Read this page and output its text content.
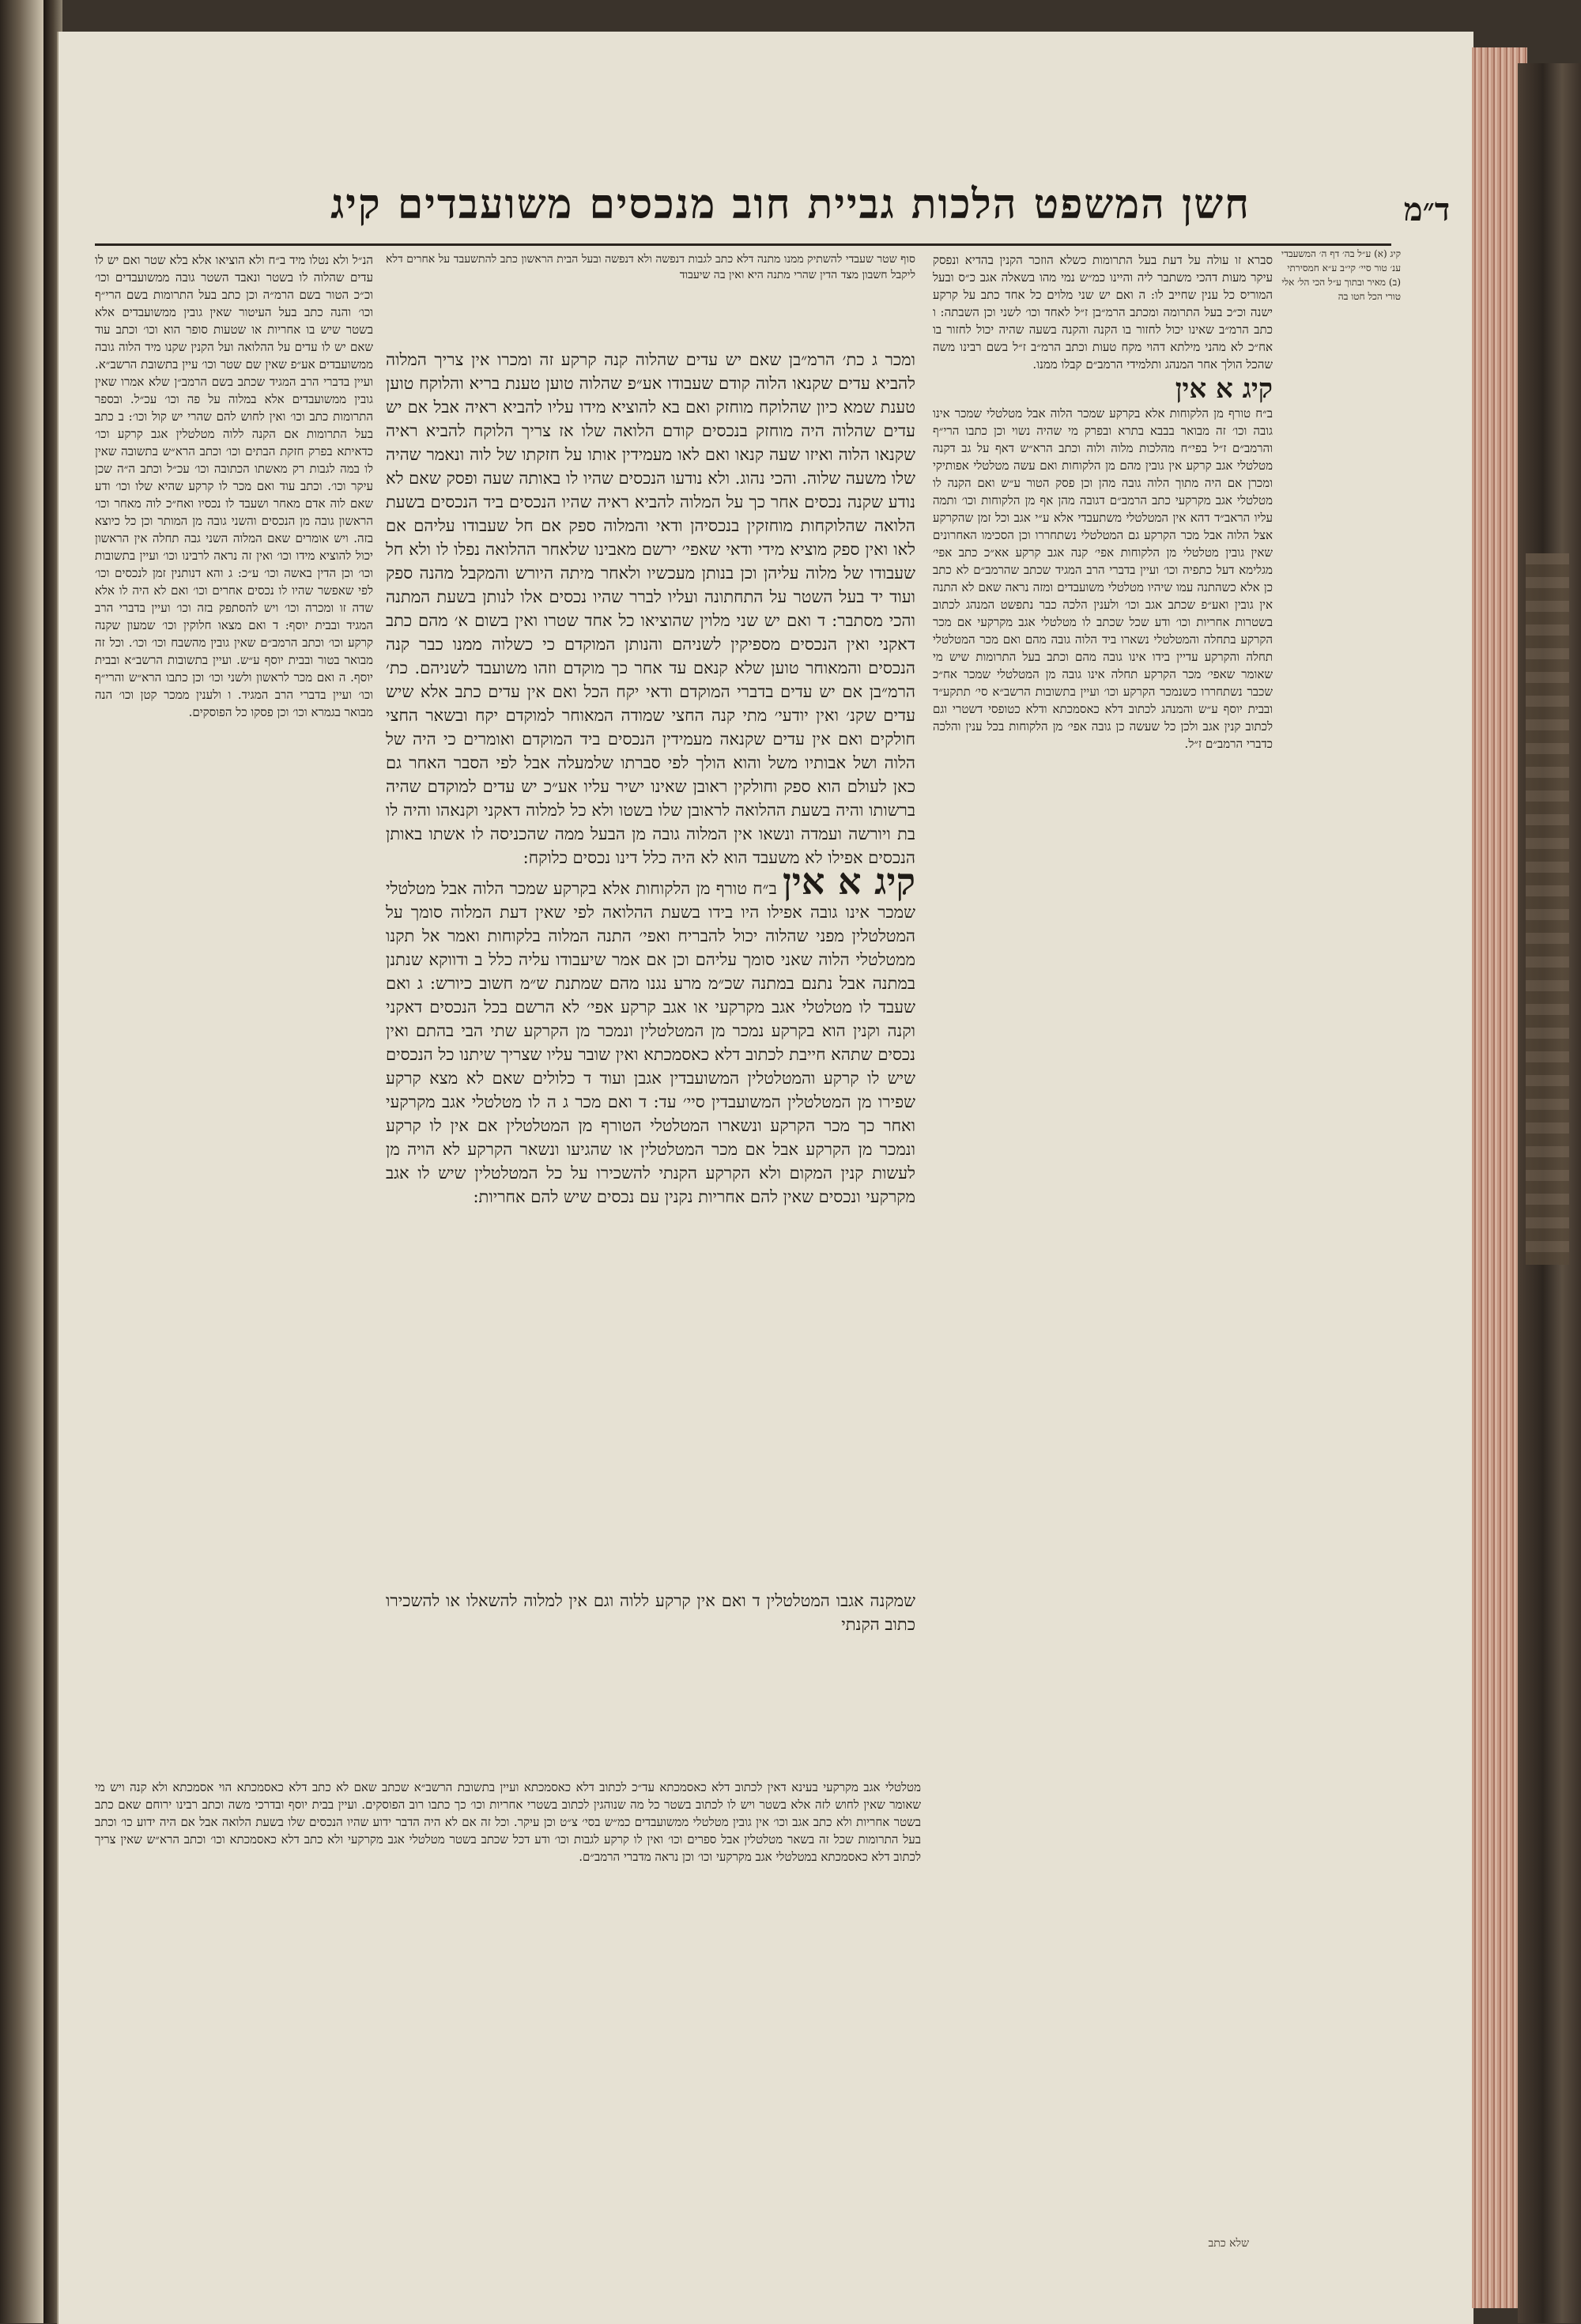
חשן המשפט הלכות גביית חוב מנכסים משועבדים קיג	ד״מ
קיג (א) ע״ל בה׳ דף ה׳ המשעבדי ענ׳ טור סיי׳ קי״ב ע״א חמסירתי (ב) מאיר ובתוך ע״ל הכי הל׳ אלי טורי הכל חטו בה

סברא זו עולה על דעת בעל התרומות כשלא הוזכר הקנין בהדיא ונפסק עיקר מעות דהכי משתבר ליה והיינו כמ״ש נמי מהו בשאלה אגב כ״ס ובעל המוריס כל ענין שחייב לו: ה ואם יש שני מלוים כל אחד כתב על קרקע ישנה וכ״כ בעל התרומה ומכתב הרמ״בן ז״ל לאחד וכו׳ לשני וכן השבתה: ו כתב הרמ״ב שאינו יכול לחזור בו הקנה והקנה בשעה שהיה יכול לחזור בו אח״כ לא מהני מילתא דהוי מקח טעות וכתב הרמ״ב ז״ל בשם רבינו משה שהכל הולך אחר המנהג ותלמידי הרמב״ם קבלו ממנו.

קיג א אין

ב״ח טורף מן הלקוחות אלא בקרקע שמכר הלוה אבל מטלטלי שמכר אינו גובה וכו׳ זה מבואר בבבא בתרא ובפרק מי שהיה נשוי וכן כתבו הרי״ף והרמב״ם ז״ל בפי״ח מהלכות מלוה ולוה וכתב הרא״ש דאף על גב דקנה מטלטלי אגב קרקע אין גובין מהם מן הלקוחות ואם עשה מטלטלי אפותיקי ומכרן אם היה מתוך הלוה גובה מהן וכן פסק הטור ע״ש ואם הקנה לו מטלטלי אגב מקרקעי כתב הרמב״ם דגובה מהן אף מן הלקוחות וכו׳ ותמה עליו הראב״ד דהא אין המטלטלי משתעבדי אלא ע״י אגב וכל זמן שהקרקע אצל הלוה אבל מכר הקרקע גם המטלטלי נשתחררו וכן הסכימו האחרונים שאין גובין מטלטלי מן הלקוחות אפי׳ קנה אגב קרקע אא״כ כתב אפי׳ מגלימא דעל כתפיה וכו׳ ועיין בדברי הרב המגיד שכתב שהרמב״ם לא כתב כן אלא כשהתנה עמו שיהיו מטלטלי משועבדים ומזה נראה שאם לא התנה אין גובין ואע״פ שכתב אגב וכו׳ ולענין הלכה כבר נתפשט המנהג לכתוב בשטרות אחריות וכו׳ ודע שכל שכתב לו מטלטלי אגב מקרקעי אם מכר הקרקע בתחלה והמטלטלי נשארו ביד הלוה גובה מהם ואם מכר המטלטלי תחלה והקרקע עדיין בידו אינו גובה מהם וכתב בעל התרומות שיש מי שאומר שאפי׳ מכר הקרקע תחלה אינו גובה מן המטלטלי שמכר אח״כ שכבר נשתחררו כשנמכר הקרקע וכו׳ ועיין בתשובות הרשב״א סי׳ תתקע״ד ובבית יוסף ע״ש והמנהג לכתוב דלא כאסמכתא ודלא כטופסי דשטרי וגם לכתוב קנין אגב ולכן כל שעשה כן גובה אפי׳ מן הלקוחות בכל ענין והלכה כדברי הרמב״ם ז״ל.

סוף שטר שעבדי להשתיק ממנו מתנה דלא כתב לגבות דנפשה ולא דנפשה ובעל הבית הראשון כתב להתשעבד על אחרים דלא ליקבל חשבון מצד הדין שהרי מתנה היא ואין בה שיעבוד

ומכר ג כת׳ הרמ״בן שאם יש עדים שהלוה קנה קרקע זה ומכרו אין צריך המלוה להביא עדים שקנאו הלוה קודם שעבודו אע״פ שהלוה טוען טענת בריא והלוקח טוען טענת שמא כיון שהלוקח מוחזק ואם בא להוציא מידו עליו להביא ראיה אבל אם יש עדים שהלוה היה מוחזק בנכסים קודם הלואה שלו אז צריך הלוקח להביא ראיה שקנאו הלוה ואיזו שעה קנאו ואם לאו מעמידין אותו על חזקתו של לוה ונאמר שהיה שלו משעה שלוה. והכי נהוג. ולא נודעו הנכסים שהיו לו באותה שעה ופסק שאם לא נודע שקנה נכסים אחר כך על המלוה להביא ראיה שהיו הנכסים ביד הנכסים בשעת הלואה שהלוקחות מוחזקין בנכסיהן ודאי והמלוה ספק אם חל שעבודו עליהם אם לאו ואין ספק מוציא מידי ודאי שאפי׳ ירשם מאבינו שלאחר ההלואה נפלו לו ולא חל שעבודו של מלוה עליהן וכן בנותן מעכשיו ולאחר מיתה היורש והמקבל מהנה ספק ועוד יד בעל השטר על התחתונה ועליו לברר שהיו נכסים אלו לנותן בשעת המתנה והכי מסתבר: ד ואם יש שני מלוין שהוציאו כל אחד שטרו ואין בשום א׳ מהם כתב דאקני ואין הנכסים מספיקין לשניהם והנותן המוקדם כי כשלוה ממנו כבר קנה הנכסים והמאוחר טוען שלא קנאם עד אחר כך מוקדם וזהו משועבד לשניהם. כת׳ הרמ״בן אם יש עדים בדברי המוקדם ודאי יקח הכל ואם אין עדים כתב אלא שיש עדים שקנ׳ ואין יודעי׳ מתי קנה החצי שמודה המאוחר למוקדם יקח ובשאר החצי חולקים ואם אין עדים שקנאה מעמידין הנכסים ביד המוקדם ואומרים כי היה של הלוה ושל אבותיו משל והוא הולך לפי סברתו שלמעלה אבל לפי הסבר האחר גם כאן לעולם הוא ספק וחולקין ראובן שאינו ישיר עליו אע״כ יש עדים למוקדם שהיה ברשותו והיה בשעת ההלואה לראובן שלו בשטו ולא כל למלוה דאקני וקנאהו והיה לו בת ויורשה ועמדה ונשאו אין המלוה גובה מן הבעל ממה שהכניסה לו אשתו באותן הנכסים אפילו לא משעבד הוא לא היה כלל דינו נכסים כלוקח:

קיג א אין ב״ח טורף מן הלקוחות אלא בקרקע שמכר הלוה אבל מטלטלי שמכר אינו גובה אפילו היו בידו בשעת ההלואה לפי שאין דעת המלוה סומך על המטלטלין מפני שהלוה יכול להבריח ואפי׳ התנה המלוה בלקוחות ואמר אל תקנו ממטלטלי הלוה שאני סומך עליהם וכן אם אמר שיעבודו עליה כלל ב ודווקא שנתנן במתנה אבל נתנם במתנה שכ״מ מרע נגנו מהם שמתנת ש״מ חשוב כיורש: ג ואם שעבד לו מטלטלי אגב מקרקעי או אגב קרקע אפי׳ לא הרשם בכל הנכסים דאקני וקנה וקנין הוא בקרקע נמכר מן המטלטלין ונמכר מן הקרקע שתי הבי בהתם ואין נכסים שתהא חייבת לכתוב דלא כאסמכתא ואין שובר עליו שצריך שיתנו כל הנכסים שיש לו קרקע והמטלטלין המשועבדין אגבן ועוד ד כלולים שאם לא מצא קרקע שפירו מן המטלטלין המשועבדין סיי׳ עד: ד ואם מכר ג ה לו מטלטלי אגב מקרקעי ואחר כך מכר הקרקע ונשארו המטלטלי הטורף מן המטלטלין אם אין לו קרקע ונמכר מן הקרקע אבל אם מכר המטלטלין או שהגיעו ונשאר הקרקע לא הויה מן לעשות קנין המקום ולא הקרקע הקנתי להשכירו על כל המטלטלין שיש לו אגב מקרקעי ונכסים שאין להם אחריות נקנין עם נכסים שיש להם אחריות:

שמקנה אגבו המטלטלין ד ואם אין קרקע ללוה וגם אין למלוה להשאלו או להשכירו כתוב הקנתי

הנ״ל ולא נטלו מיד ב״ח ולא הוציאו אלא בלא שטר ואם יש לו עדים שהלוה לו בשטר ונאבד השטר גובה ממשועבדים וכו׳ וכ״כ הטור בשם הרמ״ה וכן כתב בעל התרומות בשם הרי״ף וכו׳ והנה כתב בעל העיטור שאין גובין ממשועבדים אלא בשטר שיש בו אחריות או שטעות סופר הוא וכו׳ וכתב עוד שאם יש לו עדים על ההלואה ועל הקנין שקנו מיד הלוה גובה ממשועבדים אע״פ שאין שם שטר וכו׳ עיין בתשובת הרשב״א. ועיין בדברי הרב המגיד שכתב בשם הרמב״ן שלא אמרו שאין גובין ממשועבדים אלא במלוה על פה וכו׳ עכ״ל. ובספר התרומות כתב וכו׳ ואין לחוש להם שהרי יש קול וכו׳: ב כתב בעל התרומות אם הקנה ללוה מטלטלין אגב קרקע וכו׳ כדאיתא בפרק חזקת הבתים וכו׳ וכתב הרא״ש בתשובה שאין לו במה לגבות רק מאשתו הכתובה וכו׳ עכ״ל וכתב ה״ה שכן עיקר וכו׳. וכתב עוד ואם מכר לו קרקע שהיא שלו וכו׳ ודע שאם לוה אדם מאחר ושעבד לו נכסיו ואח״כ לוה מאחר וכו׳ הראשון גובה מן הנכסים והשני גובה מן המותר וכן כל כיוצא בזה. ויש אומרים שאם המלוה השני גבה תחלה אין הראשון יכול להוציא מידו וכו׳ ואין זה נראה לרבינו וכו׳ ועיין בתשובות וכו׳ וכן הדין באשה וכו׳ ע״כ: ג והא דנותנין זמן לנכסים וכו׳ לפי שאפשר שהיו לו נכסים אחרים וכו׳ ואם לא היה לו אלא שדה זו ומכרה וכו׳ ויש להסתפק בזה וכו׳ ועיין בדברי הרב המגיד ובבית יוסף: ד ואם מצאו חלוקין וכו׳ שמעון שקנה קרקע וכו׳ וכתב הרמב״ם שאין גובין מהשבח וכו׳ וכו׳. וכל זה מבואר בטור ובבית יוסף ע״ש. ועיין בתשובות הרשב״א ובבית יוסף. ה ואם מכר לראשון ולשני וכו׳ וכן כתבו הרא״ש והרי״ף וכו׳ ועיין בדברי הרב המגיד. ו ולענין ממכר קטן וכו׳ הנה מבואר בגמרא וכו׳ וכן פסקו כל הפוסקים.

מטלטלי אגב מקרקעי בעינא דאין לכתוב דלא כאסמכתא עד״כ לכתוב דלא כאסמכתא ועיין בתשובת הרשב״א שכתב שאם לא כתב דלא כאסמכתא הוי אסמכתא ולא קנה ויש מי שאומר שאין לחוש לזה אלא בשטר ויש לו לכתוב בשטר כל מה שנוהגין לכתוב בשטרי אחריות וכו׳ כך כתבו רוב הפוסקים. ועיין בבית יוסף ובדרכי משה וכתב רבינו ירוחם שאם כתב בשטר אחריות ולא כתב אגב וכו׳ אין גובין מטלטלי ממשועבדים כמ״ש בסי׳ צ״ט וכן עיקר. וכל זה אם לא היה הדבר ידוע שהיו הנכסים שלו בשעת הלואה אבל אם היה ידוע כו׳ וכתב בעל התרומות שכל זה בשאר מטלטלין אבל ספרים וכו׳ ואין לו קרקע לגבות וכו׳ ודע דכל שכתב בשטר מטלטלי אגב מקרקעי ולא כתב דלא כאסמכתא וכו׳ וכתב הרא״ש שאין צריך לכתוב דלא כאסמכתא במטלטלי אגב מקרקעי וכו׳ וכן נראה מדברי הרמב״ם.

שלא כתב
